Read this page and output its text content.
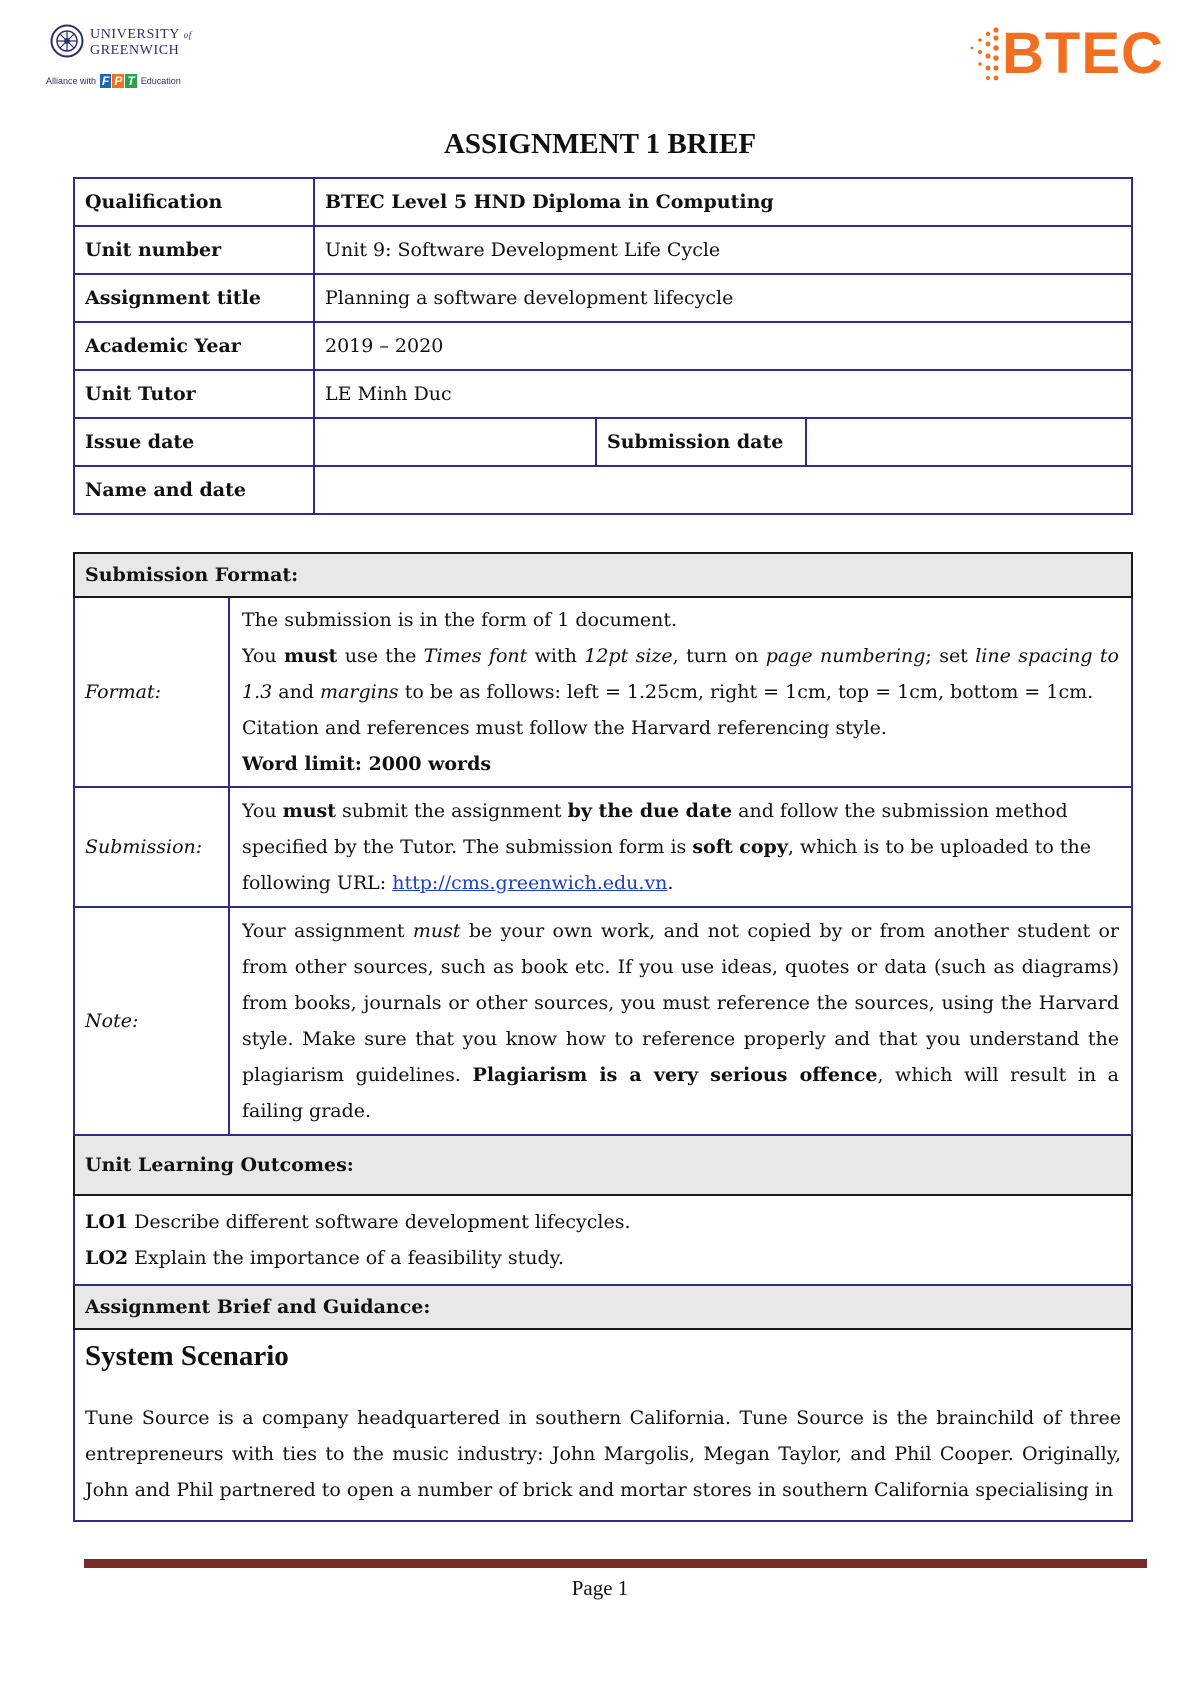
UNIVERSITY of
GREENWICH
Alliance with F P T Education	BTEC
ASSIGNMENT 1 BRIEF
Qualification	BTEC Level 5 HND Diploma in Computing		
Unit number	Unit 9: Software Development Life Cycle		
Assignment title	Planning a software development lifecycle		
Academic Year	2019 – 2020		
Unit Tutor	LE Minh Duc		
Issue date		Submission date	
Name and date			
Submission Format:	
Format:	The submission is in the form of 1 document.
You must use the Times font with 12pt size, turn on page numbering; set line spacing to 1.3 and margins to be as follows: left = 1.25cm, right = 1cm, top = 1cm, bottom = 1cm.
Citation and references must follow the Harvard referencing style.
Word limit: 2000 words
Submission:	You must submit the assignment by the due date and follow the submission method specified by the Tutor. The submission form is soft copy, which is to be uploaded to the following URL: http://cms.greenwich.edu.vn.
Note:	Your assignment must be your own work, and not copied by or from another student or from other sources, such as book etc. If you use ideas, quotes or data (such as diagrams) from books, journals or other sources, you must reference the sources, using the Harvard style. Make sure that you know how to reference properly and that you understand the plagiarism guidelines. Plagiarism is a very serious offence, which will result in a failing grade.
Unit Learning Outcomes:	

LO1 Describe different software development lifecycles.
LO2 Explain the importance of a feasibility study.	

Assignment Brief and Guidance:	

System Scenario
Tune Source is a company headquartered in southern California. Tune Source is the brainchild of three entrepreneurs with ties to the music industry: John Margolis, Megan Taylor, and Phil Cooper. Originally, John and Phil partnered to open a number of brick and mortar stores in southern California specialising in	
Page 1
